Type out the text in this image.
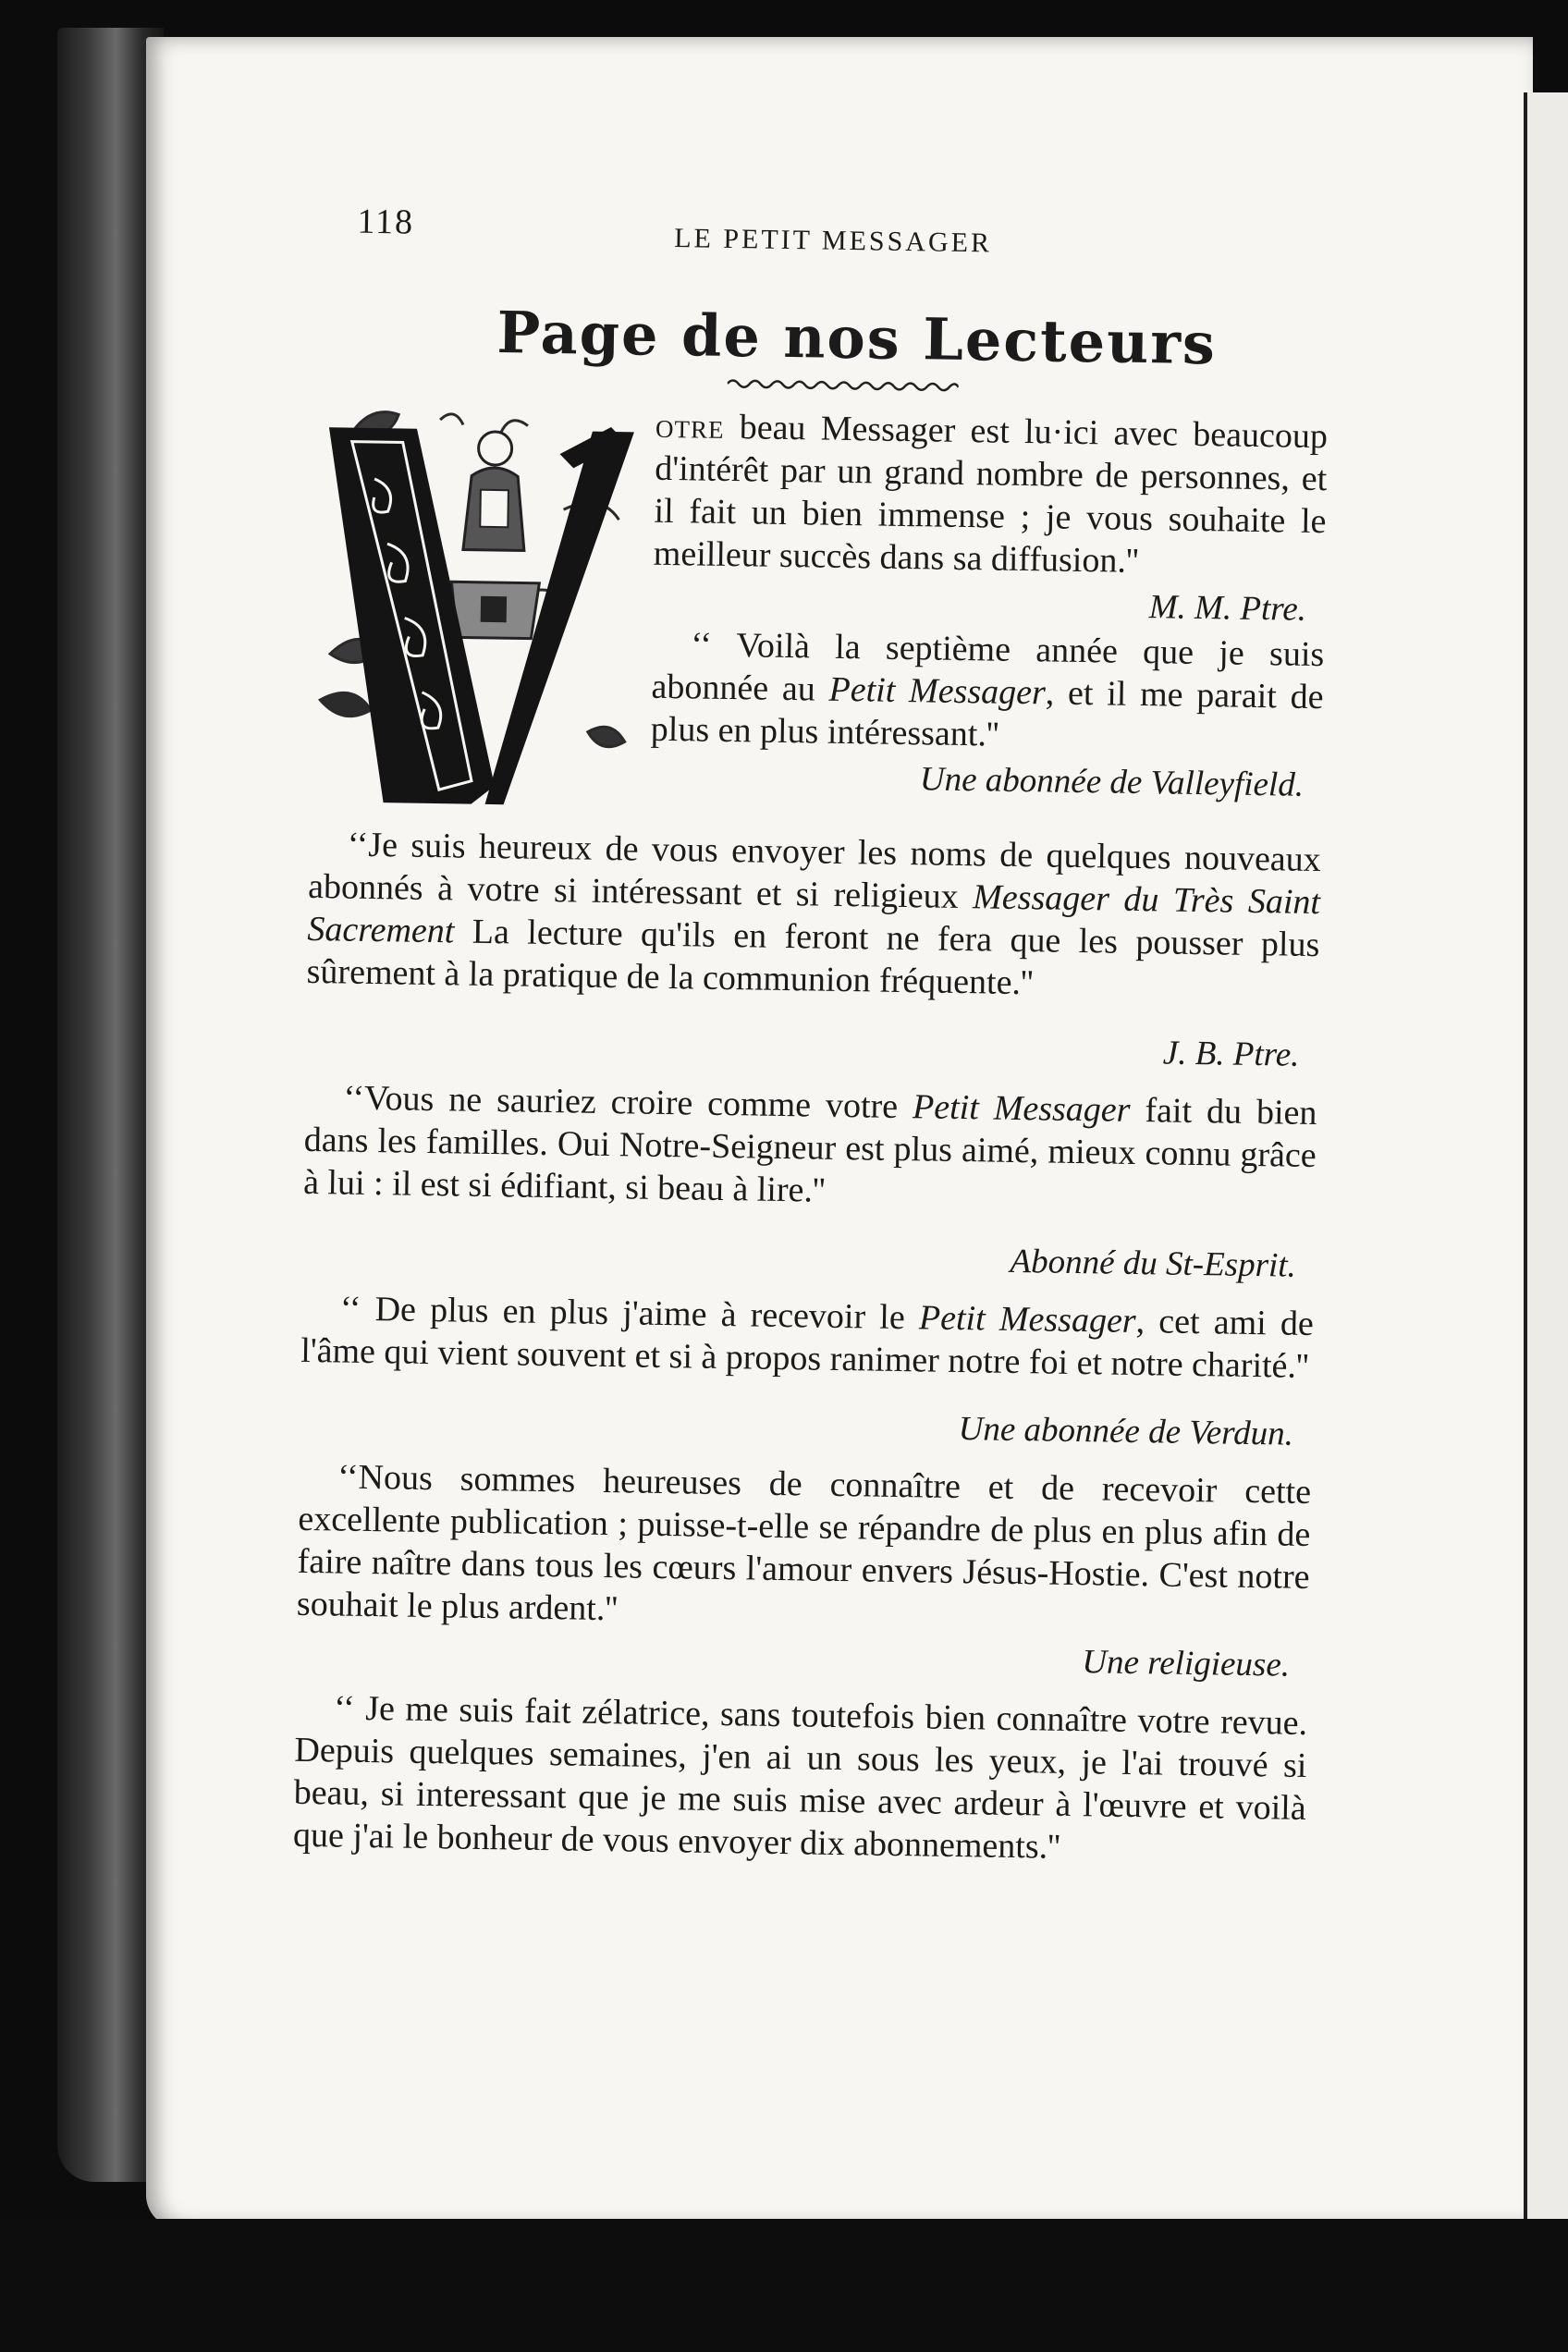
118	LE PETIT MESSAGER
Page de nos Lecteurs

otre beau Messager est lu·ici avec beaucoup d'intérêt par un grand nombre de personnes, et il fait un bien immense ; je vous souhaite le meilleur succès dans sa diffusion.''

M. M. Ptre.

‘‘ Voilà la septième année que je suis abonnée au Petit Messager, et il me parait de plus en plus intéressant.''

Une abonnée de Valleyfield.

‘‘Je suis heureux de vous envoyer les noms de quelques nouveaux abonnés à votre si intéressant et si religieux Messager du Très Saint Sacrement La lecture qu'ils en feront ne fera que les pousser plus sûrement à la pratique de la communion fréquente.''

J. B. Ptre.

‘‘Vous ne sauriez croire comme votre Petit Messager fait du bien dans les familles. Oui Notre-Seigneur est plus aimé, mieux connu grâce à lui : il est si édifiant, si beau à lire.''

Abonné du St-Esprit.

‘‘ De plus en plus j'aime à recevoir le Petit Messager, cet ami de l'âme qui vient souvent et si à propos ranimer notre foi et notre charité.''

Une abonnée de Verdun.

‘‘Nous sommes heureuses de connaître et de recevoir cette excellente publication ; puisse-t-elle se répandre de plus en plus afin de faire naître dans tous les cœurs l'amour envers Jésus-Hostie. C'est notre souhait le plus ardent.''

Une religieuse.

‘‘ Je me suis fait zélatrice, sans toutefois bien connaître votre revue. Depuis quelques semaines, j'en ai un sous les yeux, je l'ai trouvé si beau, si interessant que je me suis mise avec ardeur à l'œuvre et voilà que j'ai le bonheur de vous envoyer dix abonnements.''
